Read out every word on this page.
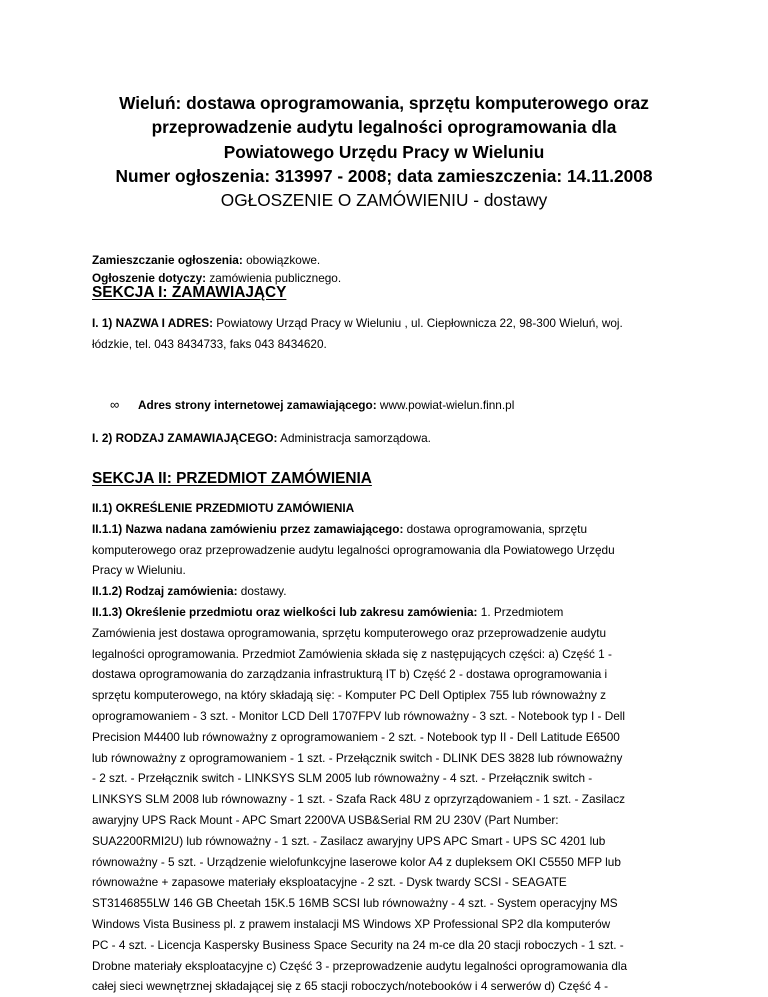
Wieluń: dostawa oprogramowania, sprzętu komputerowego oraz
przeprowadzenie audytu legalności oprogramowania dla
Powiatowego Urzędu Pracy w Wieluniu
Numer ogłoszenia: 313997 - 2008; data zamieszczenia: 14.11.2008
OGŁOSZENIE O ZAMÓWIENIU - dostawy
Zamieszczanie ogłoszenia: obowiązkowe.
Ogłoszenie dotyczy: zamówienia publicznego.
SEKCJA I: ZAMAWIAJĄCY
I. 1) NAZWA I ADRES: Powiatowy Urząd Pracy w Wieluniu , ul. Ciepłownicza 22, 98-300 Wieluń, woj.
łódzkie, tel. 043 8434733, faks 043 8434620.
∞ Adres strony internetowej zamawiającego: www.powiat-wielun.finn.pl
I. 2) RODZAJ ZAMAWIAJĄCEGO: Administracja samorządowa.
SEKCJA II: PRZEDMIOT ZAMÓWIENIA
II.1) OKREŚLENIE PRZEDMIOTU ZAMÓWIENIA
II.1.1) Nazwa nadana zamówieniu przez zamawiającego: dostawa oprogramowania, sprzętu
komputerowego oraz przeprowadzenie audytu legalności oprogramowania dla Powiatowego Urzędu
Pracy w Wieluniu.
II.1.2) Rodzaj zamówienia: dostawy.
II.1.3) Określenie przedmiotu oraz wielkości lub zakresu zamówienia: 1. Przedmiotem
Zamówienia jest dostawa oprogramowania, sprzętu komputerowego oraz przeprowadzenie audytu
legalności oprogramowania. Przedmiot Zamówienia składa się z następujących części: a) Część 1 -
dostawa oprogramowania do zarządzania infrastrukturą IT b) Część 2 - dostawa oprogramowania i
sprzętu komputerowego, na który składają się: - Komputer PC Dell Optiplex 755 lub równoważny z
oprogramowaniem - 3 szt. - Monitor LCD Dell 1707FPV lub równoważny - 3 szt. - Notebook typ I - Dell
Precision M4400 lub równoważny z oprogramowaniem - 2 szt. - Notebook typ II - Dell Latitude E6500
lub równoważny z oprogramowaniem - 1 szt. - Przełącznik switch - DLINK DES 3828 lub równoważny
- 2 szt. - Przełącznik switch - LINKSYS SLM 2005 lub równoważny - 4 szt. - Przełącznik switch -
LINKSYS SLM 2008 lub równowazny - 1 szt. - Szafa Rack 48U z oprzyrządowaniem - 1 szt. - Zasilacz
awaryjny UPS Rack Mount - APC Smart 2200VA USB&Serial RM 2U 230V (Part Number:
SUA2200RMI2U) lub równoważny - 1 szt. - Zasilacz awaryjny UPS APC Smart - UPS SC 4201 lub
równoważny - 5 szt. - Urządzenie wielofunkcyjne laserowe kolor A4 z dupleksem OKI C5550 MFP lub
równoważne + zapasowe materiały eksploatacyjne - 2 szt. - Dysk twardy SCSI - SEAGATE
ST3146855LW 146 GB Cheetah 15K.5 16MB SCSI lub równoważny - 4 szt. - System operacyjny MS
Windows Vista Business pl. z prawem instalacji MS Windows XP Professional SP2 dla komputerów
PC - 4 szt. - Licencja Kaspersky Business Space Security na 24 m-ce dla 20 stacji roboczych - 1 szt. -
Drobne materiały eksploatacyjne c) Część 3 - przeprowadzenie audytu legalności oprogramowania dla
całej sieci wewnętrznej składającej się z 65 stacji roboczych/notebooków i 4 serwerów d) Część 4 -
